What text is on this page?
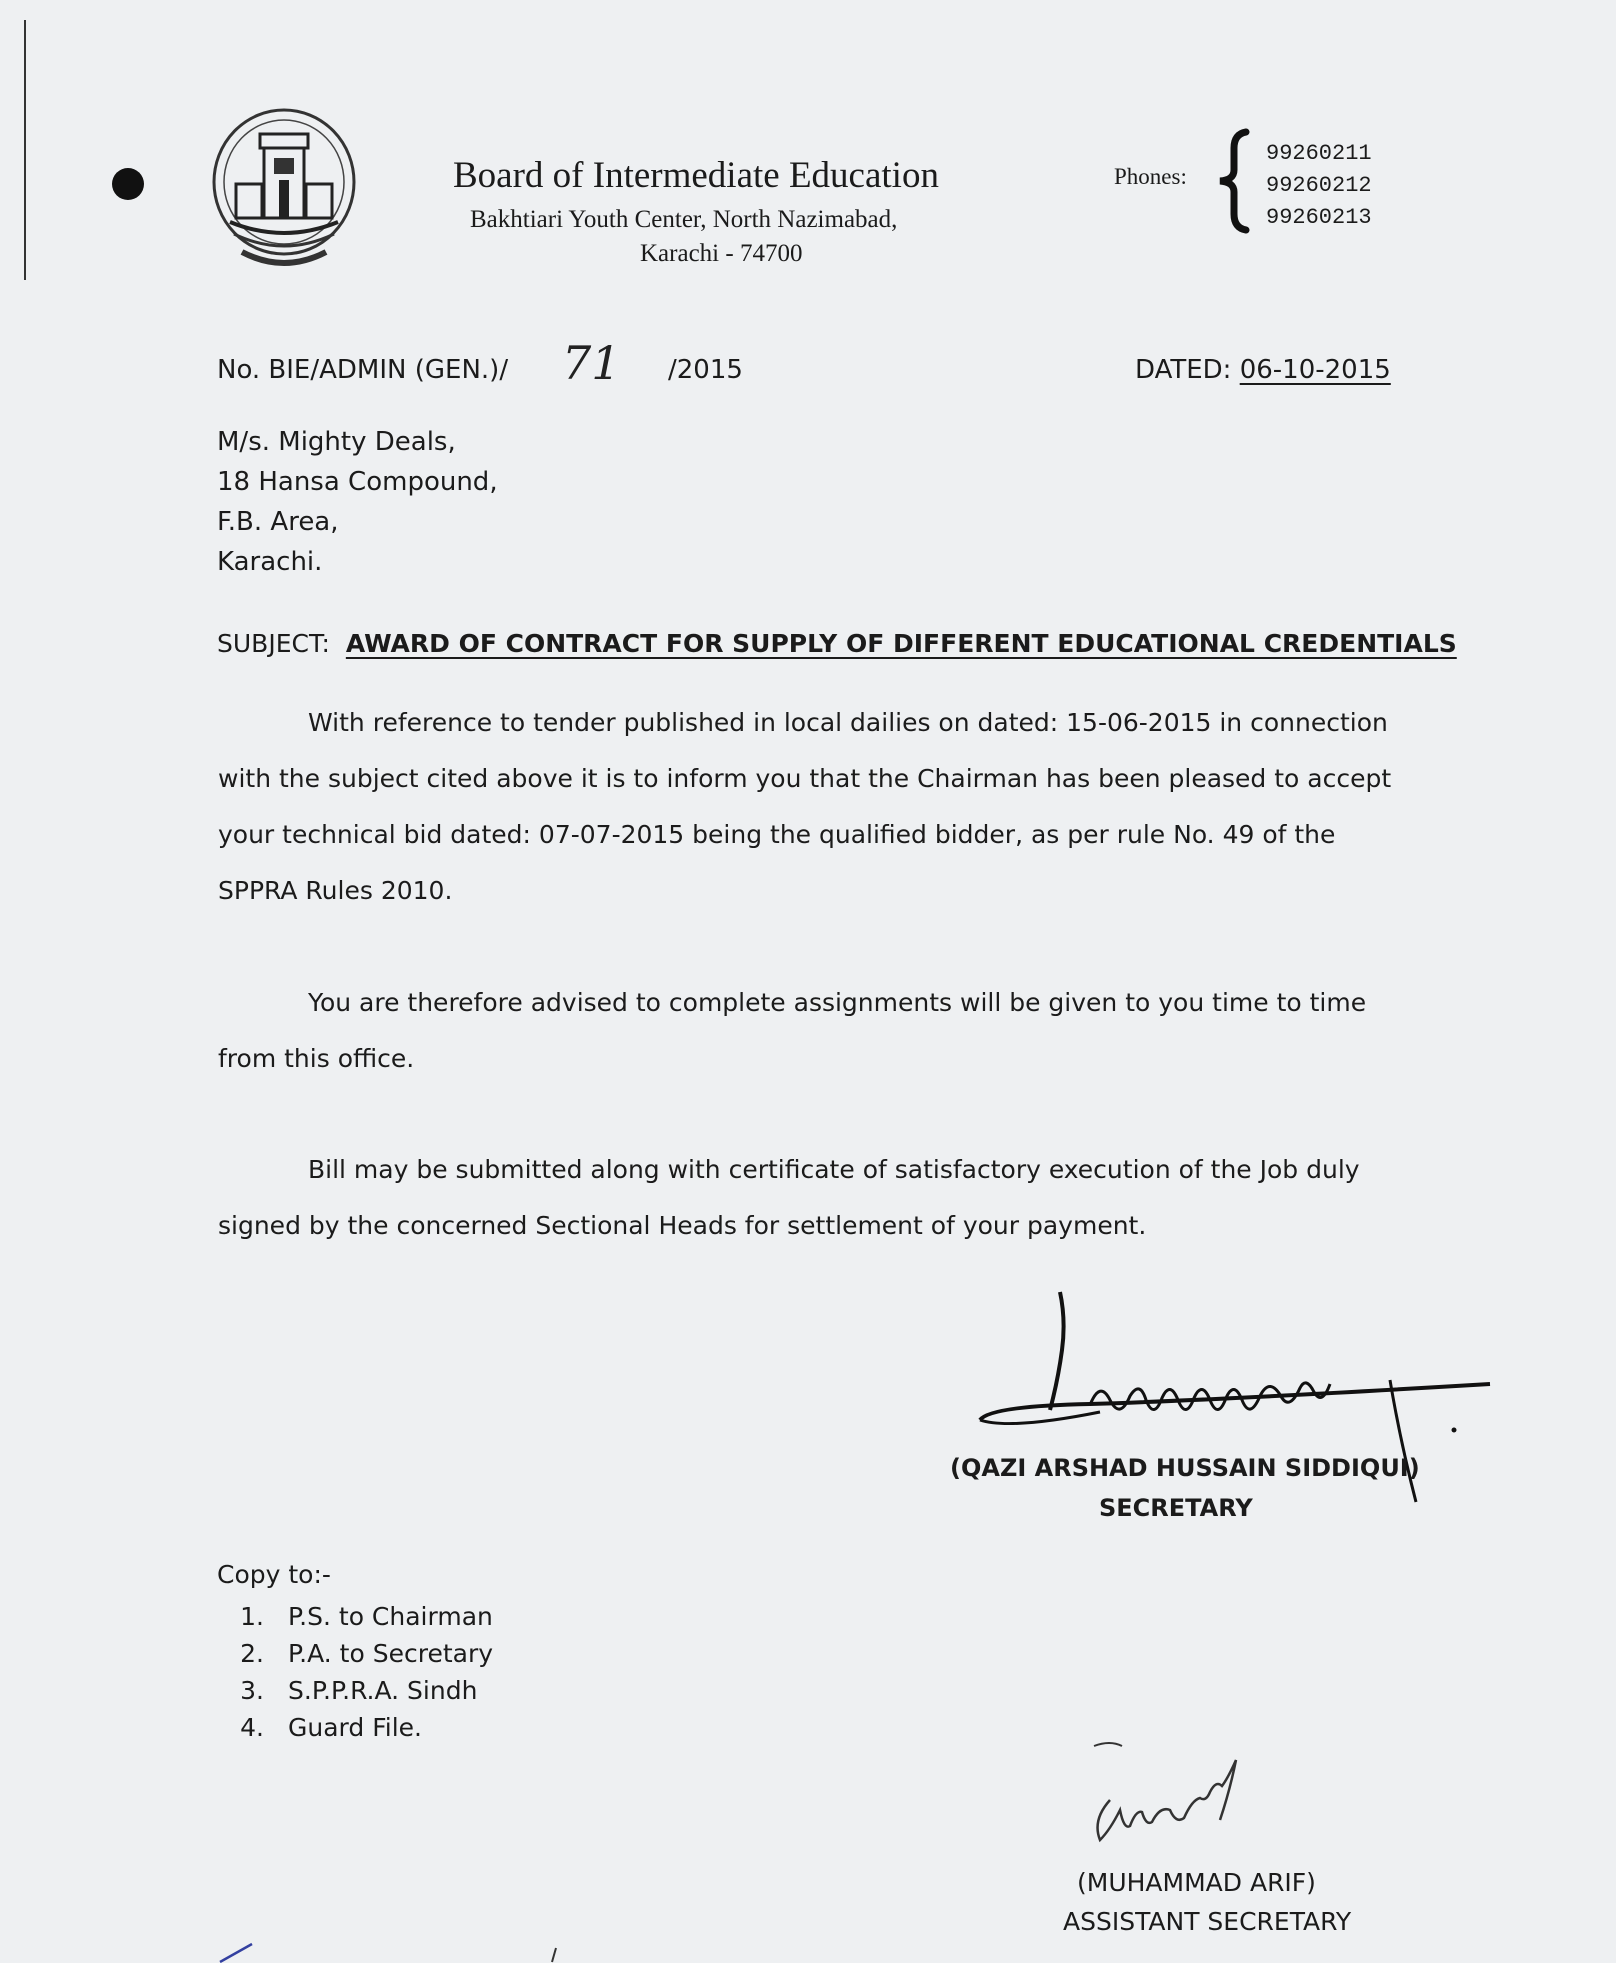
Board of Intermediate Education
Bakhtiari Youth Center, North Nazimabad,
Karachi - 74700
Phones:
99260211
99260212
99260213
No. BIE/ADMIN (GEN.)/ 71 /2015	DATED: 06-10-2015
M/s. Mighty Deals,
18 Hansa Compound,
F.B. Area,
Karachi.
SUBJECT: AWARD OF CONTRACT FOR SUPPLY OF DIFFERENT EDUCATIONAL CREDENTIALS
With reference to tender published in local dailies on dated: 15-06-2015 in connection with the subject cited above it is to inform you that the Chairman has been pleased to accept your technical bid dated: 07-07-2015 being the qualified bidder, as per rule No. 49 of the SPPRA Rules 2010.
You are therefore advised to complete assignments will be given to you time to time from this office.
Bill may be submitted along with certificate of satisfactory execution of the Job duly signed by the concerned Sectional Heads for settlement of your payment.
(QAZI ARSHAD HUSSAIN SIDDIQUI)
SECRETARY
Copy to:-
1. P.S. to Chairman
2. P.A. to Secretary
3. S.P.P.R.A. Sindh
4. Guard File.
(MUHAMMAD ARIF)
ASSISTANT SECRETARY
